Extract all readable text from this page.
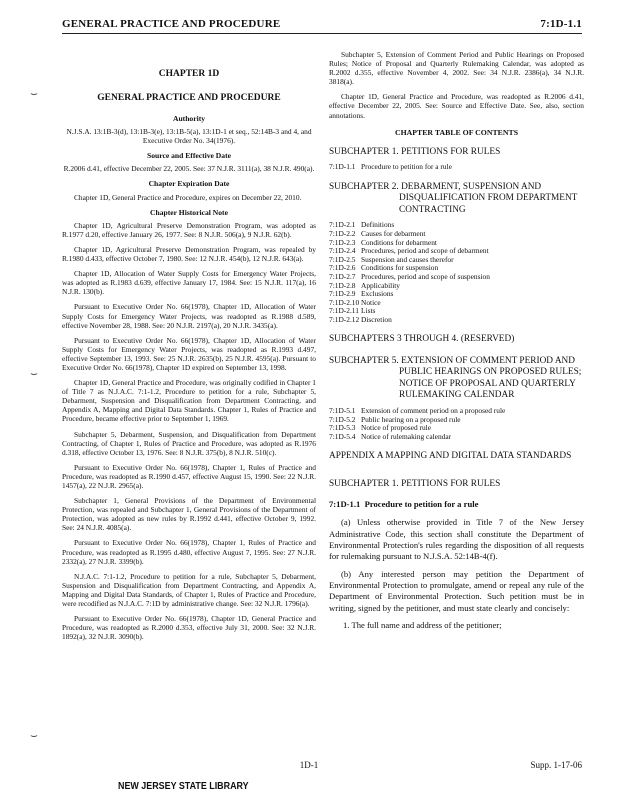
GENERAL PRACTICE AND PROCEDURE	7:1D-1.1
⌣
⌣
⌣
CHAPTER 1D
GENERAL PRACTICE AND PROCEDURE
Authority

N.J.S.A. 13:1B-3(d), 13:1B-3(e), 13:1B-5(a), 13:1D-1 et seq., 52:14B-3 and 4, and Executive Order No. 34(1976).

Source and Effective Date

R.2006 d.41, effective December 22, 2005. See: 37 N.J.R. 3111(a), 38 N.J.R. 490(a).

Chapter Expiration Date

Chapter 1D, General Practice and Procedure, expires on December 22, 2010.

Chapter Historical Note

Chapter 1D, Agricultural Preserve Demonstration Program, was adopted as R.1977 d.20, effective January 26, 1977. See: 8 N.J.R. 506(a), 9 N.J.R. 62(b).

Chapter 1D, Agricultural Preserve Demonstration Program, was repealed by R.1980 d.433, effective October 7, 1980. See: 12 N.J.R. 454(b), 12 N.J.R. 643(a).

Chapter 1D, Allocation of Water Supply Costs for Emergency Water Projects, was adopted as R.1983 d.639, effective January 17, 1984. See: 15 N.J.R. 117(a), 16 N.J.R. 130(b).

Pursuant to Executive Order No. 66(1978), Chapter 1D, Allocation of Water Supply Costs for Emergency Water Projects, was readopted as R.1988 d.589, effective November 28, 1988. See: 20 N.J.R. 2197(a), 20 N.J.R. 3435(a).

Pursuant to Executive Order No. 66(1978), Chapter 1D, Allocation of Water Supply Costs for Emergency Water Projects, was readopted as R.1993 d.497, effective September 13, 1993. See: 25 N.J.R. 2635(b), 25 N.J.R. 4595(a). Pursuant to Executive Order No. 66(1978), Chapter 1D expired on September 13, 1998.

Chapter 1D, General Practice and Procedure, was originally codified in Chapter 1 of Title 7 as N.J.A.C. 7:1-1.2, Procedure to petition for a rule, Subchapter 5, Debarment, Suspension and Disqualification from Department Contracting, and Appendix A, Mapping and Digital Data Standards. Chapter 1, Rules of Practice and Procedure, became effective prior to September 1, 1969.

Subchapter 5, Debarment, Suspension, and Disqualification from Department Contracting, of Chapter 1, Rules of Practice and Procedure, was adopted as R.1976 d.318, effective October 13, 1976. See: 8 N.J.R. 375(b), 8 N.J.R. 510(c).

Pursuant to Executive Order No. 66(1978), Chapter 1, Rules of Practice and Procedure, was readopted as R.1990 d.457, effective August 15, 1990. See: 22 N.J.R. 1457(a), 22 N.J.R. 2965(a).

Subchapter 1, General Provisions of the Department of Environmental Protection, was repealed and Subchapter 1, General Provisions of the Department of Protection, was adopted as new rules by R.1992 d.441, effective October 9, 1992. See: 24 N.J.R. 4085(a).

Pursuant to Executive Order No. 66(1978), Chapter 1, Rules of Practice and Procedure, was readopted as R.1995 d.480, effective August 7, 1995. See: 27 N.J.R. 2332(a), 27 N.J.R. 3399(b).

N.J.A.C. 7:1-1.2, Procedure to petition for a rule, Subchapter 5, Debarment, Suspension and Disqualification from Department Contracting, and Appendix A, Mapping and Digital Data Standards, of Chapter 1, Rules of Practice and Procedure, were recodified as N.J.A.C. 7:1D by administrative change. See: 32 N.J.R. 1796(a).

Pursuant to Executive Order No. 66(1978), Chapter 1D, General Practice and Procedure, was readopted as R.2000 d.353, effective July 31, 2000. See: 32 N.J.R. 1892(a), 32 N.J.R. 3090(b).

Subchapter 5, Extension of Comment Period and Public Hearings on Proposed Rules; Notice of Proposal and Quarterly Rulemaking Calendar, was adopted as R.2002 d.355, effective November 4, 2002. See: 34 N.J.R. 2386(a), 34 N.J.R. 3818(a).

Chapter 1D, General Practice and Procedure, was readopted as R.2006 d.41, effective December 22, 2005. See: Source and Effective Date. See, also, section annotations.

CHAPTER TABLE OF CONTENTS
SUBCHAPTER 1. PETITIONS FOR RULES
7:1D-1.1 Procedure to petition for a rule
SUBCHAPTER 2. DEBARMENT, SUSPENSION AND DISQUALIFICATION FROM DEPARTMENT CONTRACTING
7:1D-2.1 Definitions
7:1D-2.2 Causes for debarment
7:1D-2.3 Conditions for debarment
7:1D-2.4 Procedures, period and scope of debarment
7:1D-2.5 Suspension and causes therefor
7:1D-2.6 Conditions for suspension
7:1D-2.7 Procedures, period and scope of suspension
7:1D-2.8 Applicability
7:1D-2.9 Exclusions
7:1D-2.10 Notice
7:1D-2.11 Lists
7:1D-2.12 Discretion
SUBCHAPTERS 3 THROUGH 4. (RESERVED)
SUBCHAPTER 5. EXTENSION OF COMMENT PERIOD AND PUBLIC HEARINGS ON PROPOSED RULES; NOTICE OF PROPOSAL AND QUARTERLY RULEMAKING CALENDAR
7:1D-5.1 Extension of comment period on a proposed rule
7:1D-5.2 Public hearing on a proposed rule
7:1D-5.3 Notice of proposed rule
7:1D-5.4 Notice of rulemaking calendar
APPENDIX A MAPPING AND DIGITAL DATA STANDARDS
SUBCHAPTER 1. PETITIONS FOR RULES
7:1D-1.1 Procedure to petition for a rule

(a) Unless otherwise provided in Title 7 of the New Jersey Administrative Code, this section shall constitute the Department of Environmental Protection's rules regarding the disposition of all requests for rulemaking pursuant to N.J.S.A. 52:14B-4(f).

(b) Any interested person may petition the Department of Environmental Protection to promulgate, amend or repeal any rule of the Department of Environmental Protection. Such petition must be in writing, signed by the petitioner, and must state clearly and concisely:

1. The full name and address of the petitioner;

1D-1	Supp. 1-17-06
NEW JERSEY STATE LIBRARY
